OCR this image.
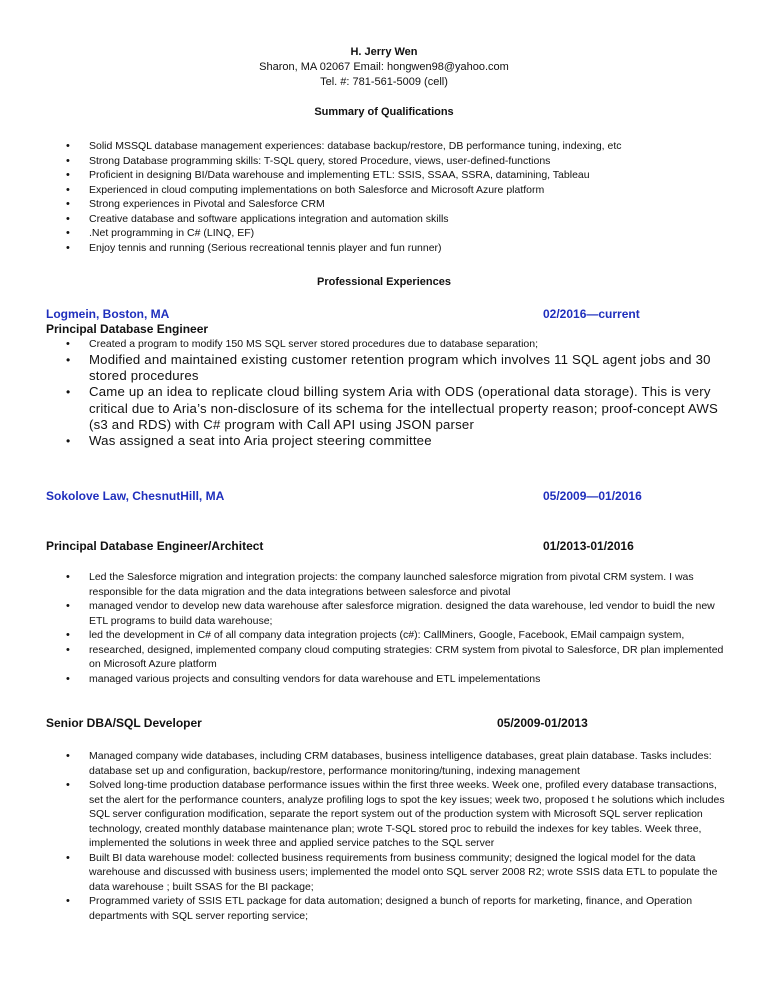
H. Jerry Wen
Sharon, MA 02067 Email: hongwen98@yahoo.com
Tel. #: 781-561-5009 (cell)
Summary of Qualifications
• Solid MSSQL database management experiences: database backup/restore, DB performance tuning, indexing, etc
• Strong Database programming skills: T-SQL query, stored Procedure, views, user-defined-functions
• Proficient in designing BI/Data warehouse and implementing ETL: SSIS, SSAA, SSRA, datamining, Tableau
• Experienced in cloud computing implementations on both Salesforce and Microsoft Azure platform
• Strong experiences in Pivotal and Salesforce CRM
• Creative database and software applications integration and automation skills
• .Net programming in C# (LINQ, EF)
• Enjoy tennis and running (Serious recreational tennis player and fun runner)
Professional Experiences
Logmein, Boston, MA	02/2016—current
Principal Database Engineer
• Created a program to modify 150 MS SQL server stored procedures due to database separation;
• Modified and maintained existing customer retention program which involves 11 SQL agent jobs and 30 stored procedures
• Came up an idea to replicate cloud billing system Aria with ODS (operational data storage). This is very critical due to Aria’s non-disclosure of its schema for the intellectual property reason; proof-concept AWS (s3 and RDS) with C# program with Call API using JSON parser
• Was assigned a seat into Aria project steering committee
Sokolove Law, ChesnutHill, MA	05/2009—01/2016
Principal Database Engineer/Architect	01/2013-01/2016
• Led the Salesforce migration and integration projects: the company launched salesforce migration from pivotal CRM system. I was responsible for the data migration and the data integrations between salesforce and pivotal
• managed vendor to develop new data warehouse after salesforce migration. designed the data warehouse, led vendor to buidl the new ETL programs to build data warehouse;
• led the development in C# of all company data integration projects (c#): CallMiners, Google, Facebook, EMail campaign system,
• researched, designed, implemented company cloud computing strategies: CRM system from pivotal to Salesforce, DR plan implemented on Microsoft Azure platform
• managed various projects and consulting vendors for data warehouse and ETL impelementations
Senior DBA/SQL Developer	05/2009-01/2013
• Managed company wide databases, including CRM databases, business intelligence databases, great plain database. Tasks includes: database set up and configuration, backup/restore, performance monitoring/tuning, indexing management
• Solved long-time production database performance issues within the first three weeks. Week one, profiled every database transactions, set the alert for the performance counters, analyze profiling logs to spot the key issues; week two, proposed t he solutions which includes SQL server configuration modification, separate the report system out of the production system with Microsoft SQL server replication technology, created monthly database maintenance plan; wrote T-SQL stored proc to rebuild the indexes for key tables. Week three, implemented the solutions in week three and applied service patches to the SQL server
• Built BI data warehouse model: collected business requirements from business community; designed the logical model for the data warehouse and discussed with business users; implemented the model onto SQL server 2008 R2; wrote SSIS data ETL to populate the data warehouse ; built SSAS for the BI package;
• Programmed variety of SSIS ETL package for data automation; designed a bunch of reports for marketing, finance, and Operation departments with SQL server reporting service;
